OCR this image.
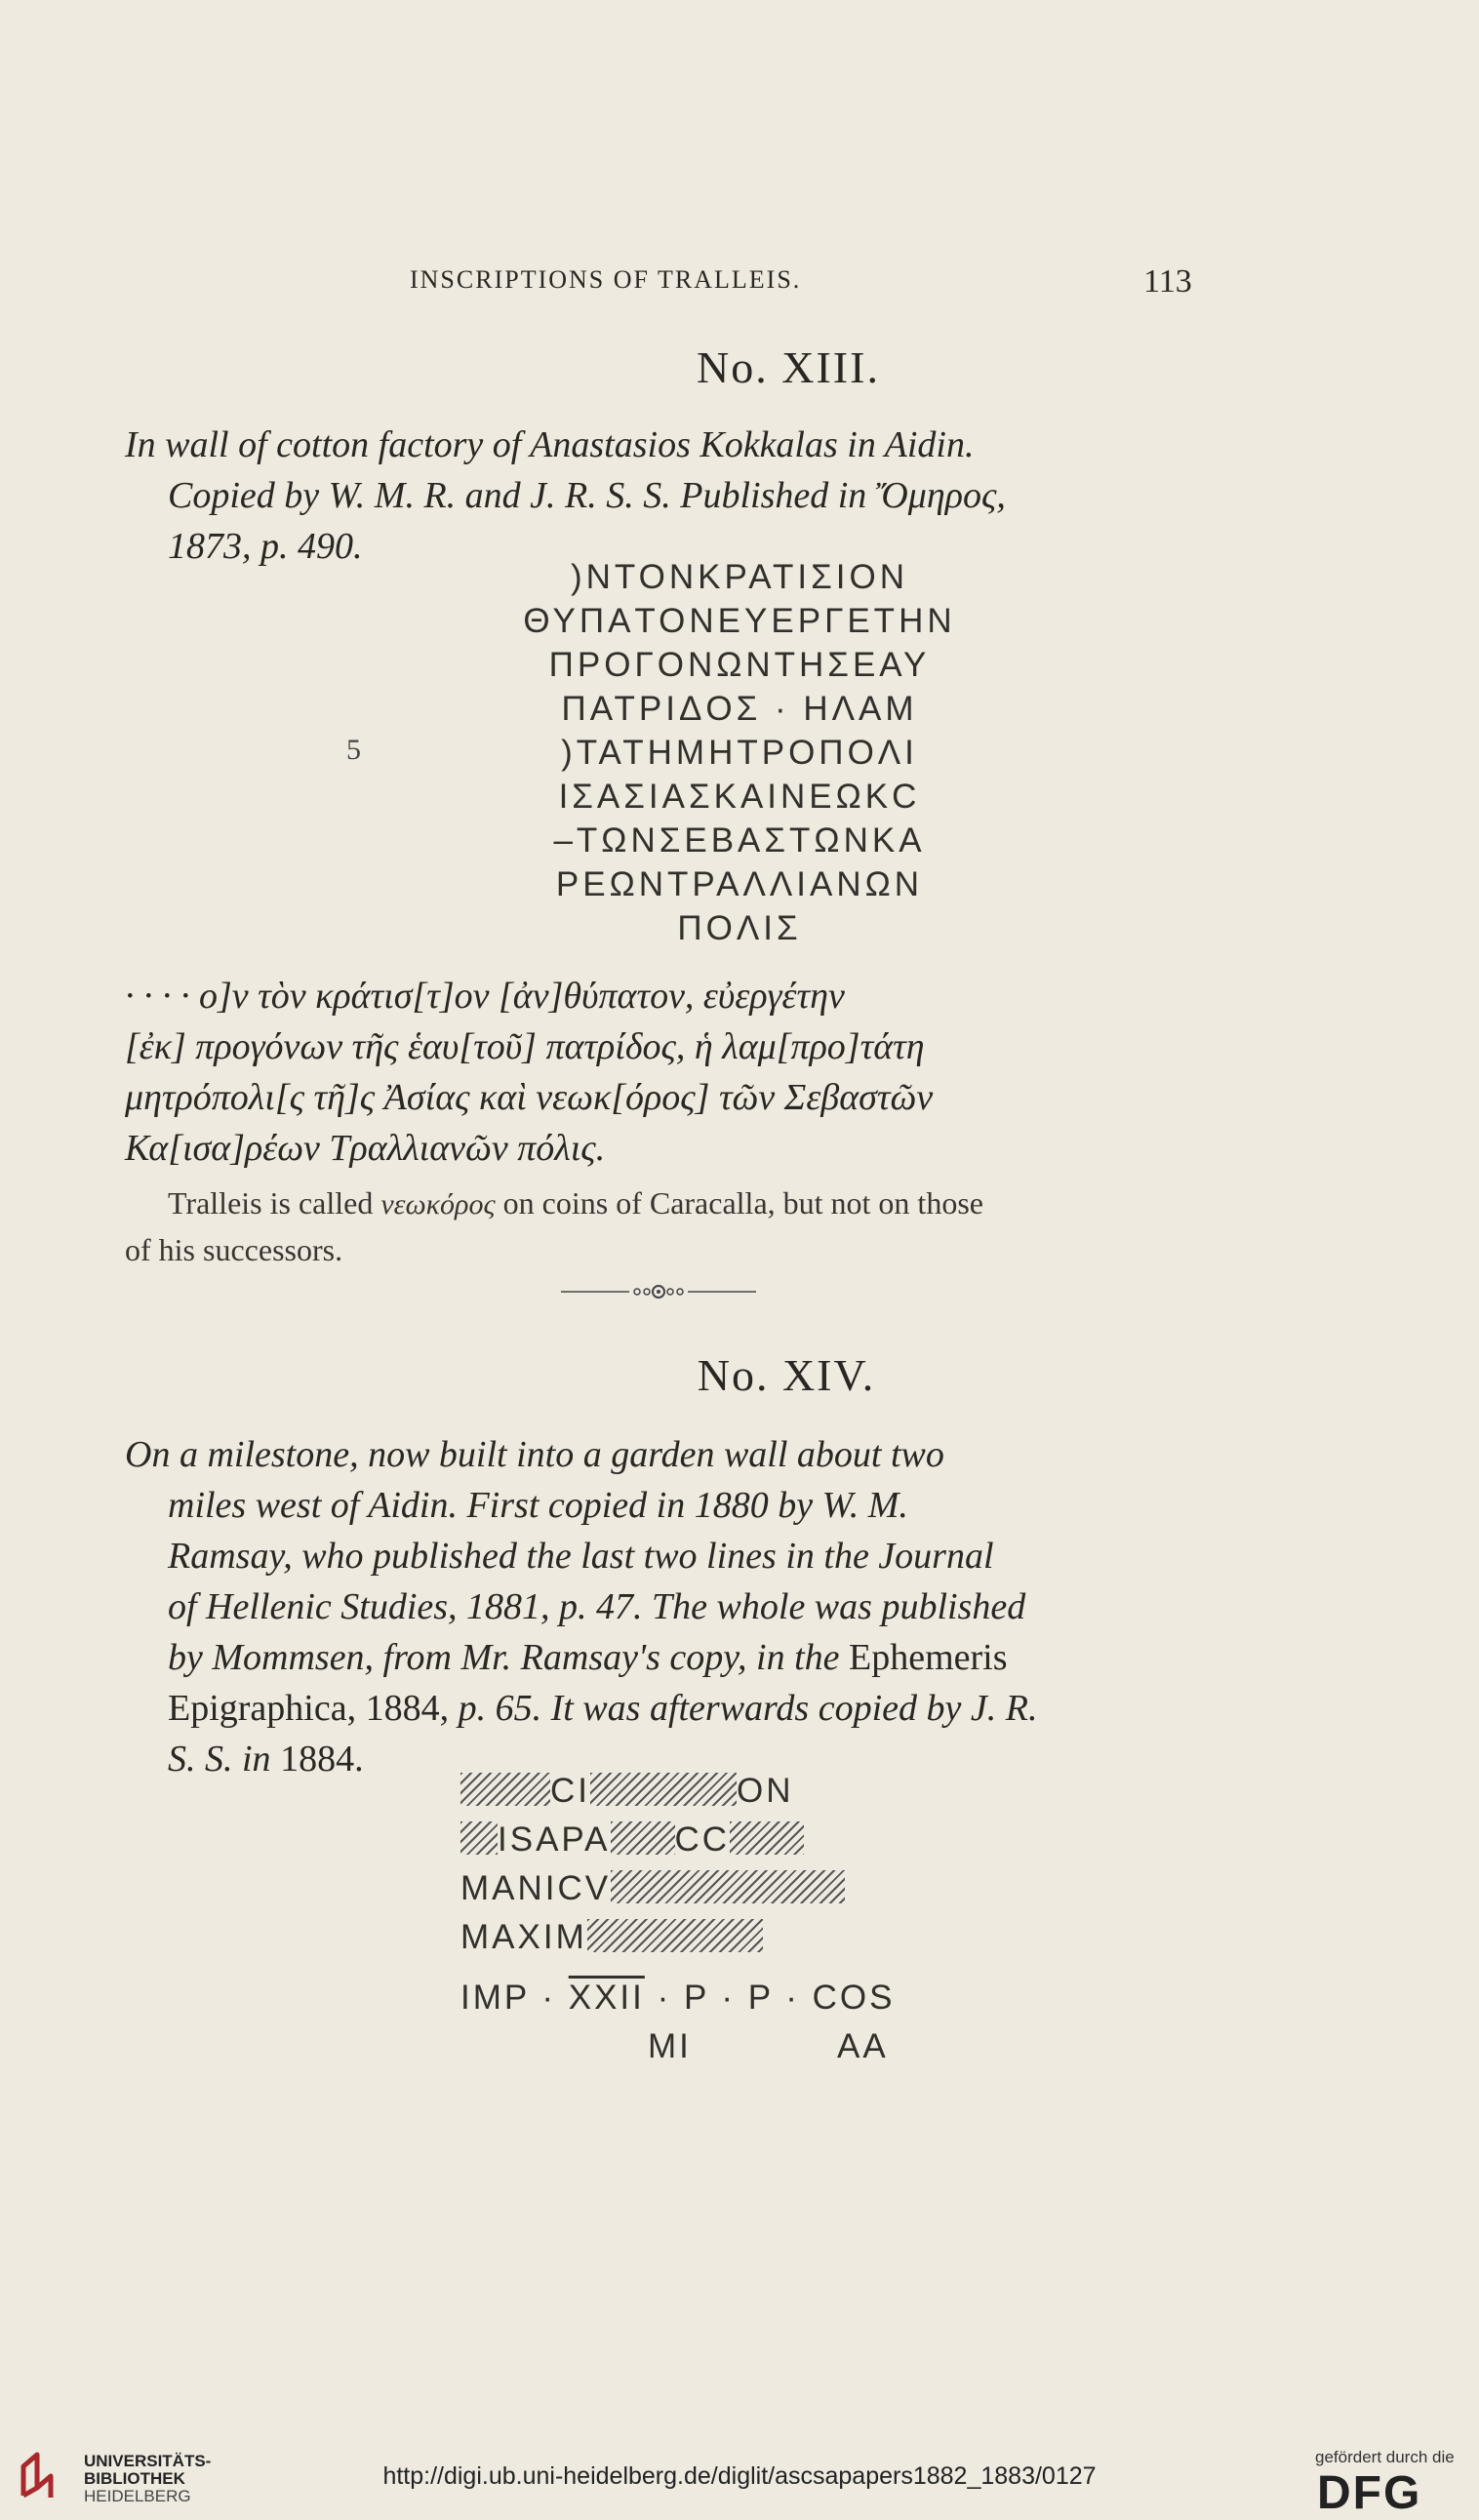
INSCRIPTIONS OF TRALLEIS.	113
No. XIII.
In wall of cotton factory of Anastasios Kokkalas in Aidin.
Copied by W. M. R. and J. R. S. S. Published in Ὄμηρος,
1873, p. 490.
)NTONKPATIΣΙON
ΘΥΠΑTONEYEPΓETHN
ΠPOΓONΩNTHΣEAY
ΠATPIΔOΣ · HΛAM
5	)TATHMHTPOΠOΛI
IΣAΣIAΣKAINEΩKC
–TΩNΣEBAΣTΩNKA
PEΩNTPAΛΛIANΩN
ΠOΛIΣ
· · · · ο]ν τὸν κράτισ[τ]ον [ἀν]θύπατον, εὐεργέτην
[ἐκ] προγόνων τῆς ἑαυ[τοῦ] πατρίδος, ἡ λαμ[προ]τάτη
μητρόπολι[ς τῆ]ς Ἀσίας καὶ νεωκ[όρος] τῶν Σεβαστῶν
Κα[ισα]ρέων Τραλλιανῶν πόλις.
Tralleis is called νεωκόρος on coins of Caracalla, but not on those
of his successors.
No. XIV.
On a milestone, now built into a garden wall about two
miles west of Aidin. First copied in 1880 by W. M.
Ramsay, who published the last two lines in the Journal
of Hellenic Studies, 1881, p. 47. The whole was published
by Mommsen, from Mr. Ramsay's copy, in the Ephemeris
Epigraphica, 1884, p. 65. It was afterwards copied by J. R.
S. S. in 1884.
CI	ON
ISAPA CC
MANICV
MAXIM
IMP · XXII · P · P · COS
MI	AA
UNIVERSITÄTS-
BIBLIOTHEK
HEIDELBERG
http://digi.ub.uni-heidelberg.de/diglit/ascsapapers1882_1883/0127
gefördert durch die
DFG
